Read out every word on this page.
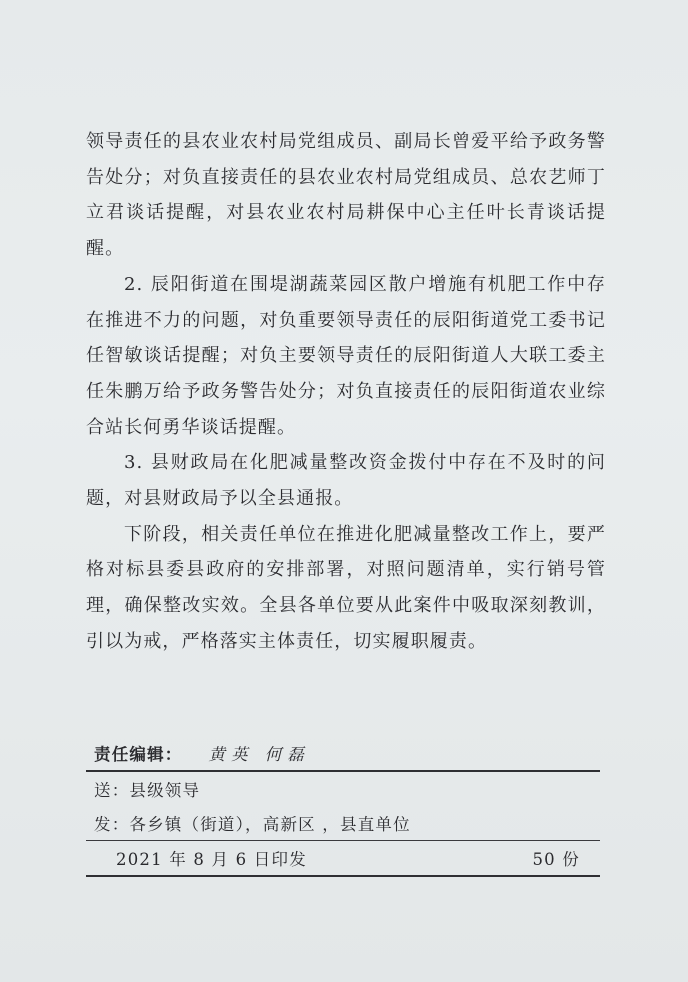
领导责任的县农业农村局党组成员、副局长曾爱平给予政务警告处分；对负直接责任的县农业农村局党组成员、总农艺师丁立君谈话提醒，对县农业农村局耕保中心主任叶长青谈话提醒。

2. 辰阳街道在围堤湖蔬菜园区散户增施有机肥工作中存在推进不力的问题，对负重要领导责任的辰阳街道党工委书记任智敏谈话提醒；对负主要领导责任的辰阳街道人大联工委主任朱鹏万给予政务警告处分；对负直接责任的辰阳街道农业综合站长何勇华谈话提醒。

3. 县财政局在化肥减量整改资金拨付中存在不及时的问题，对县财政局予以全县通报。

下阶段，相关责任单位在推进化肥减量整改工作上，要严格对标县委县政府的安排部署，对照问题清单，实行销号管理，确保整改实效。全县各单位要从此案件中吸取深刻教训，引以为戒，严格落实主体责任，切实履职履责。

责任编辑： 黄英 何磊
送：县级领导
发：各乡镇（街道），高新区 ，县直单位
2021 年 8 月 6 日印发	50 份
